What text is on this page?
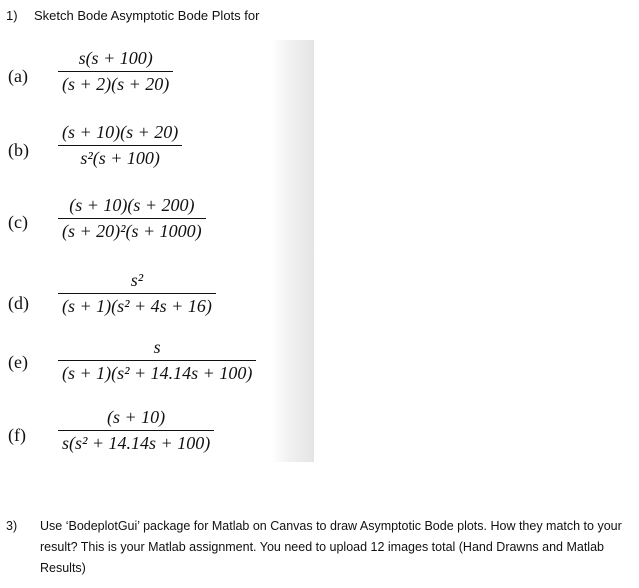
1) Sketch Bode Asymptotic Bode Plots for
(a)
s(s + 100)
(s + 2)(s + 20)
(b)
(s + 10)(s + 20)
s²(s + 100)
(c)
(s + 10)(s + 200)
(s + 20)²(s + 1000)
(d)
s²
(s + 1)(s² + 4s + 16)
(e)
s
(s + 1)(s² + 14.14s + 100)
(f)
(s + 10)
s(s² + 14.14s + 100)
3) Use ‘BodeplotGui’ package for Matlab on Canvas to draw Asymptotic Bode plots. How they match to your result? This is your Matlab assignment. You need to upload 12 images total (Hand Drawns and Matlab Results)
